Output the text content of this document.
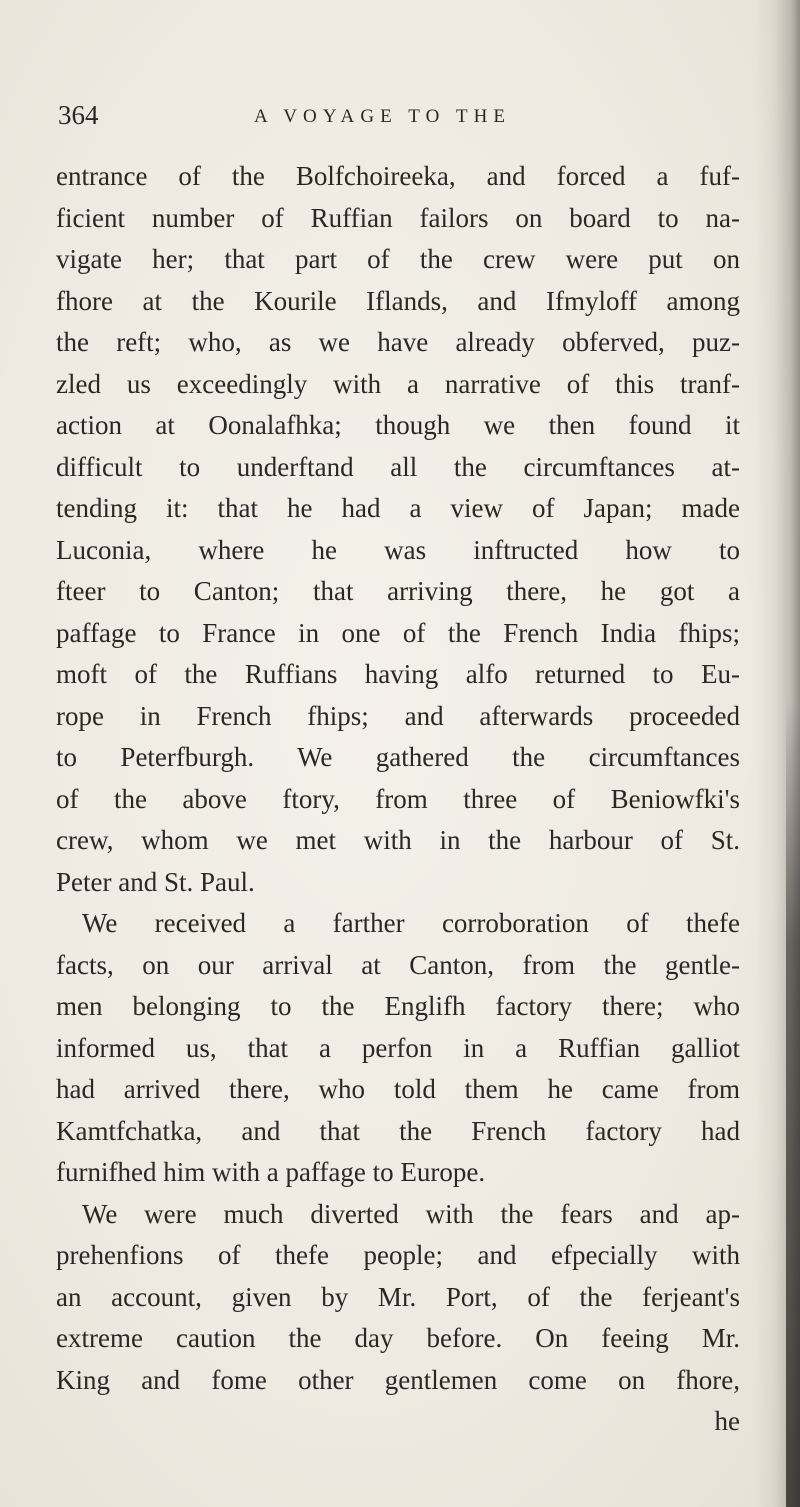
364	A VOYAGE TO THE
entrance of the Bolfchoireeka, and forced a fuf-
ficient number of Ruffian failors on board to na-
vigate her; that part of the crew were put on
fhore at the Kourile Iflands, and Ifmyloff among
the reft; who, as we have already obferved, puz-
zled us exceedingly with a narrative of this tranf-
action at Oonalafhka; though we then found it
difficult to underftand all the circumftances at-
tending it: that he had a view of Japan; made
Luconia, where he was inftructed how to
fteer to Canton; that arriving there, he got a
paffage to France in one of the French India fhips;
moft of the Ruffians having alfo returned to Eu-
rope in French fhips; and afterwards proceeded
to Peterfburgh. We gathered the circumftances
of the above ftory, from three of Beniowfki's
crew, whom we met with in the harbour of St.
Peter and St. Paul.
We received a farther corroboration of thefe
facts, on our arrival at Canton, from the gentle-
men belonging to the Englifh factory there; who
informed us, that a perfon in a Ruffian galliot
had arrived there, who told them he came from
Kamtfchatka, and that the French factory had
furnifhed him with a paffage to Europe.
We were much diverted with the fears and ap-
prehenfions of thefe people; and efpecially with
an account, given by Mr. Port, of the ferjeant's
extreme caution the day before. On feeing Mr.
King and fome other gentlemen come on fhore,
he
